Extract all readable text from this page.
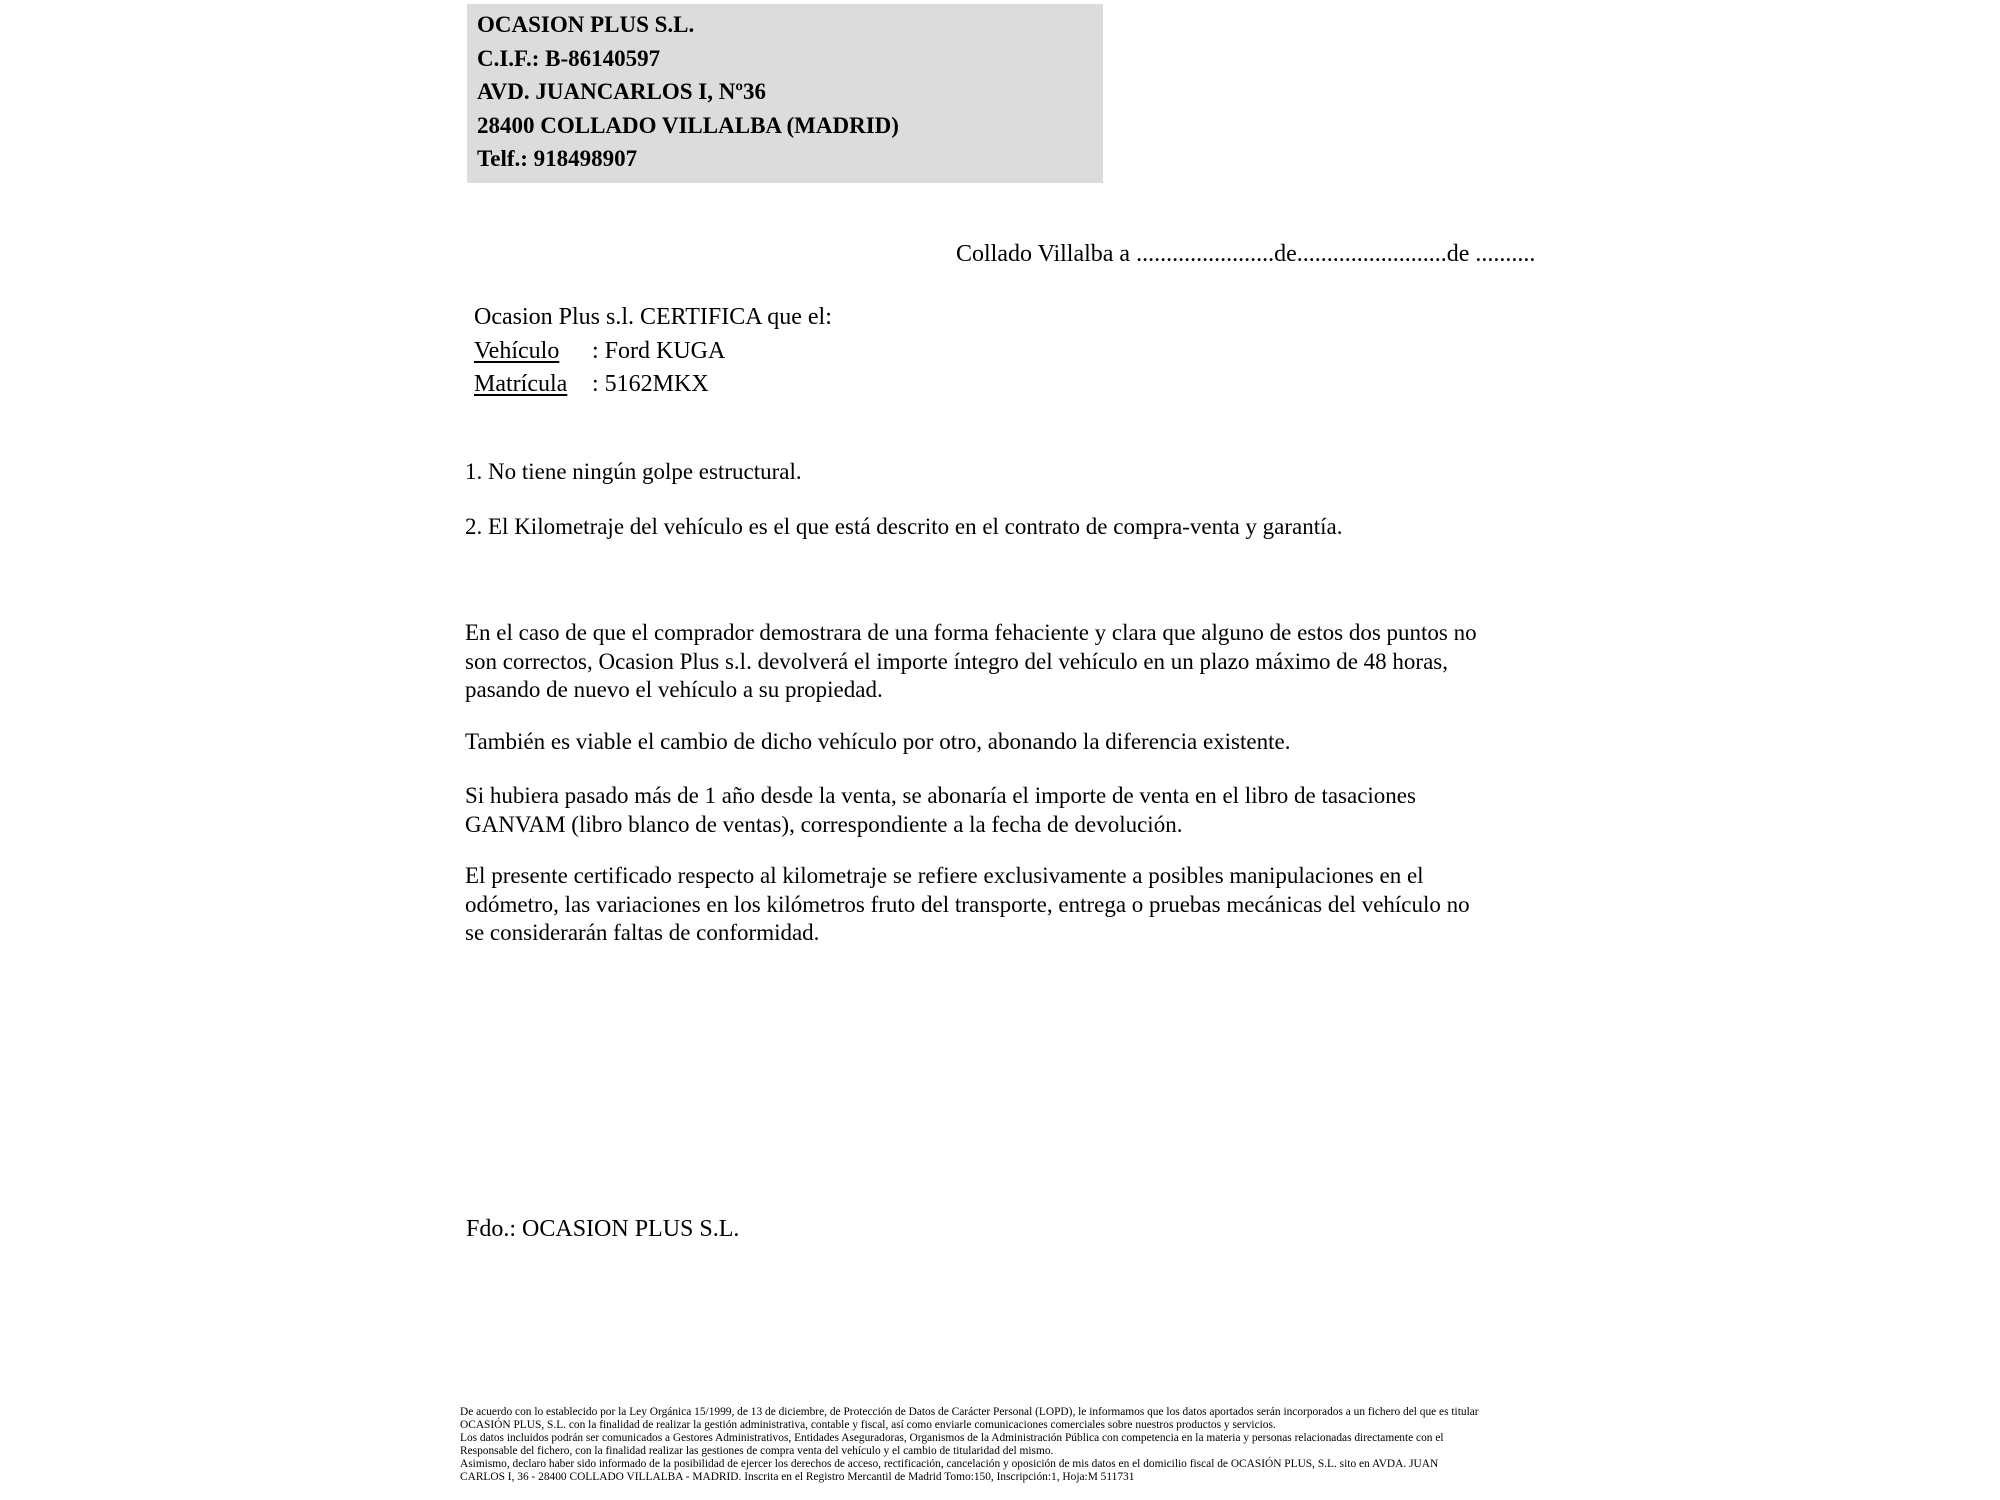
OCASION PLUS S.L.
C.I.F.: B-86140597
AVD. JUANCARLOS I, Nº36
28400 COLLADO VILLALBA (MADRID)
Telf.: 918498907
Collado Villalba a .......................de.........................de ..........
Ocasion Plus s.l. CERTIFICA que el:
Vehículo : Ford KUGA
Matrícula : 5162MKX
1. No tiene ningún golpe estructural.
2. El Kilometraje del vehículo es el que está descrito en el contrato de compra-venta y garantía.
En el caso de que el comprador demostrara de una forma fehaciente y clara que alguno de estos dos puntos no
son correctos, Ocasion Plus s.l. devolverá el importe íntegro del vehículo en un plazo máximo de 48 horas,
pasando de nuevo el vehículo a su propiedad.
También es viable el cambio de dicho vehículo por otro, abonando la diferencia existente.
Si hubiera pasado más de 1 año desde la venta, se abonaría el importe de venta en el libro de tasaciones
GANVAM (libro blanco de ventas), correspondiente a la fecha de devolución.
El presente certificado respecto al kilometraje se refiere exclusivamente a posibles manipulaciones en el
odómetro, las variaciones en los kilómetros fruto del transporte, entrega o pruebas mecánicas del vehículo no
se considerarán faltas de conformidad.
Fdo.: OCASION PLUS S.L.
De acuerdo con lo establecido por la Ley Orgánica 15/1999, de 13 de diciembre, de Protección de Datos de Carácter Personal (LOPD), le informamos que los datos aportados serán incorporados a un fichero del que es titular
OCASIÓN PLUS, S.L. con la finalidad de realizar la gestión administrativa, contable y fiscal, así como enviarle comunicaciones comerciales sobre nuestros productos y servicios.
Los datos incluidos podrán ser comunicados a Gestores Administrativos, Entidades Aseguradoras, Organismos de la Administración Pública con competencia en la materia y personas relacionadas directamente con el
Responsable del fichero, con la finalidad realizar las gestiones de compra venta del vehículo y el cambio de titularidad del mismo.
Asimismo, declaro haber sido informado de la posibilidad de ejercer los derechos de acceso, rectificación, cancelación y oposición de mis datos en el domicilio fiscal de OCASIÓN PLUS, S.L. sito en AVDA. JUAN
CARLOS I, 36 - 28400 COLLADO VILLALBA - MADRID. Inscrita en el Registro Mercantil de Madrid Tomo:150, Inscripción:1, Hoja:M 511731
